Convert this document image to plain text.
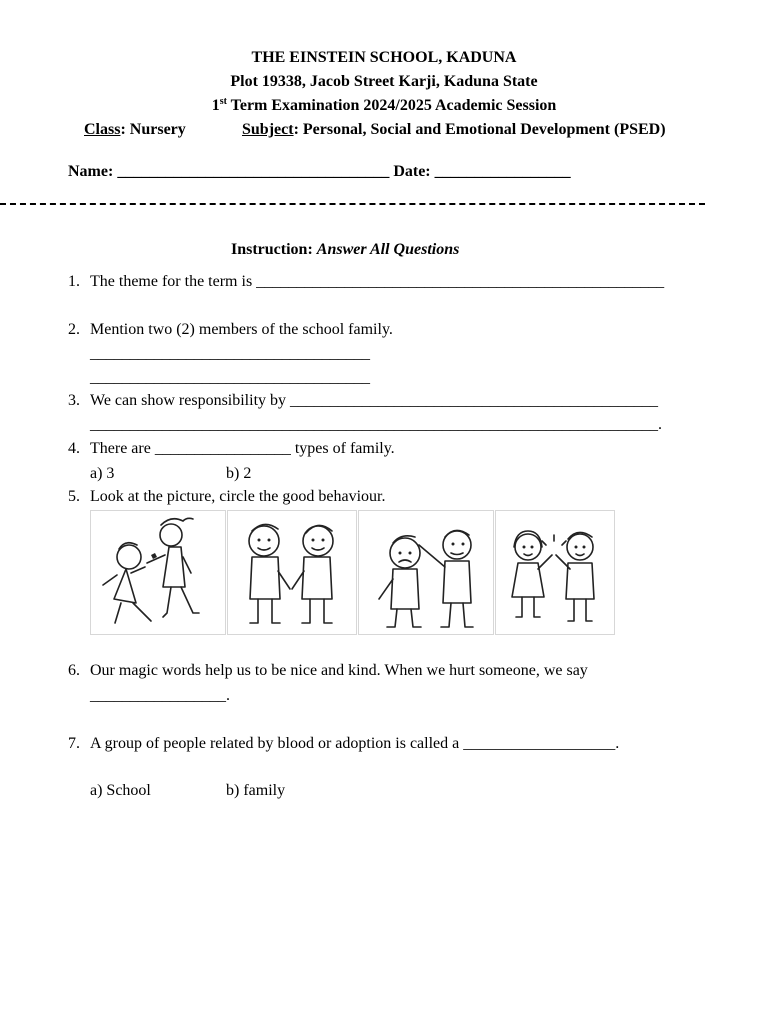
THE EINSTEIN SCHOOL, KADUNA
Plot 19338, Jacob Street Karji, Kaduna State
1st Term Examination 2024/2025 Academic Session
Class: Nursery	Subject: Personal, Social and Emotional Development (PSED)
Name: __________________________________ Date: _________________
Instruction: Answer All Questions
1. The theme for the term is ___________________________________________________
2. Mention two (2) members of the school family.
___________________________________
___________________________________
3. We can show responsibility by ______________________________________________
_______________________________________________________________________.
4. There are _________________ types of family.
a) 3	b) 2
5. Look at the picture, circle the good behaviour.
6. Our magic words help us to be nice and kind. When we hurt someone, we say
_________________.
7. A group of people related by blood or adoption is called a ___________________.
a) School	b) family
